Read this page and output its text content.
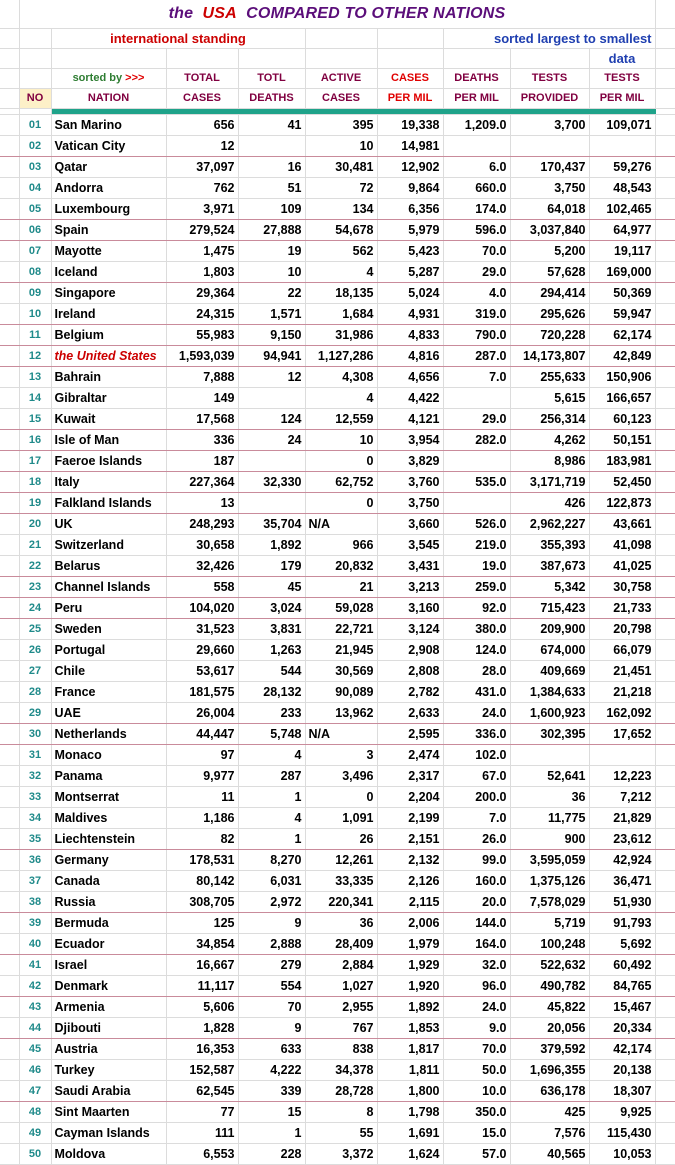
	the USA COMPARED TO OTHER NATIONS									
		international standing					sorted largest to smallest			
									data	
		sorted by >>>	TOTAL	TOTL	ACTIVE	CASES	DEATHS	TESTS	TESTS	
	NO	NATION	CASES	DEATHS	CASES	PER MIL	PER MIL	PROVIDED	PER MIL	

	01	San Marino	656	41	395	19,338	1,209.0	3,700	109,071	
	02	Vatican City	12		10	14,981				
	03	Qatar	37,097	16	30,481	12,902	6.0	170,437	59,276	
	04	Andorra	762	51	72	9,864	660.0	3,750	48,543	
	05	Luxembourg	3,971	109	134	6,356	174.0	64,018	102,465	
	06	Spain	279,524	27,888	54,678	5,979	596.0	3,037,840	64,977	
	07	Mayotte	1,475	19	562	5,423	70.0	5,200	19,117	
	08	Iceland	1,803	10	4	5,287	29.0	57,628	169,000	
	09	Singapore	29,364	22	18,135	5,024	4.0	294,414	50,369	
	10	Ireland	24,315	1,571	1,684	4,931	319.0	295,626	59,947	
	11	Belgium	55,983	9,150	31,986	4,833	790.0	720,228	62,174	
	12	the United States	1,593,039	94,941	1,127,286	4,816	287.0	14,173,807	42,849	
	13	Bahrain	7,888	12	4,308	4,656	7.0	255,633	150,906	
	14	Gibraltar	149		4	4,422		5,615	166,657	
	15	Kuwait	17,568	124	12,559	4,121	29.0	256,314	60,123	
	16	Isle of Man	336	24	10	3,954	282.0	4,262	50,151	
	17	Faeroe Islands	187		0	3,829		8,986	183,981	
	18	Italy	227,364	32,330	62,752	3,760	535.0	3,171,719	52,450	
	19	Falkland Islands	13		0	3,750		426	122,873	
	20	UK	248,293	35,704	N/A	3,660	526.0	2,962,227	43,661	
	21	Switzerland	30,658	1,892	966	3,545	219.0	355,393	41,098	
	22	Belarus	32,426	179	20,832	3,431	19.0	387,673	41,025	
	23	Channel Islands	558	45	21	3,213	259.0	5,342	30,758	
	24	Peru	104,020	3,024	59,028	3,160	92.0	715,423	21,733	
	25	Sweden	31,523	3,831	22,721	3,124	380.0	209,900	20,798	
	26	Portugal	29,660	1,263	21,945	2,908	124.0	674,000	66,079	
	27	Chile	53,617	544	30,569	2,808	28.0	409,669	21,451	
	28	France	181,575	28,132	90,089	2,782	431.0	1,384,633	21,218	
	29	UAE	26,004	233	13,962	2,633	24.0	1,600,923	162,092	
	30	Netherlands	44,447	5,748	N/A	2,595	336.0	302,395	17,652	
	31	Monaco	97	4	3	2,474	102.0			
	32	Panama	9,977	287	3,496	2,317	67.0	52,641	12,223	
	33	Montserrat	11	1	0	2,204	200.0	36	7,212	
	34	Maldives	1,186	4	1,091	2,199	7.0	11,775	21,829	
	35	Liechtenstein	82	1	26	2,151	26.0	900	23,612	
	36	Germany	178,531	8,270	12,261	2,132	99.0	3,595,059	42,924	
	37	Canada	80,142	6,031	33,335	2,126	160.0	1,375,126	36,471	
	38	Russia	308,705	2,972	220,341	2,115	20.0	7,578,029	51,930	
	39	Bermuda	125	9	36	2,006	144.0	5,719	91,793	
	40	Ecuador	34,854	2,888	28,409	1,979	164.0	100,248	5,692	
	41	Israel	16,667	279	2,884	1,929	32.0	522,632	60,492	
	42	Denmark	11,117	554	1,027	1,920	96.0	490,782	84,765	
	43	Armenia	5,606	70	2,955	1,892	24.0	45,822	15,467	
	44	Djibouti	1,828	9	767	1,853	9.0	20,056	20,334	
	45	Austria	16,353	633	838	1,817	70.0	379,592	42,174	
	46	Turkey	152,587	4,222	34,378	1,811	50.0	1,696,355	20,138	
	47	Saudi Arabia	62,545	339	28,728	1,800	10.0	636,178	18,307	
	48	Sint Maarten	77	15	8	1,798	350.0	425	9,925	
	49	Cayman Islands	111	1	55	1,691	15.0	7,576	115,430	
	50	Moldova	6,553	228	3,372	1,624	57.0	40,565	10,053	
